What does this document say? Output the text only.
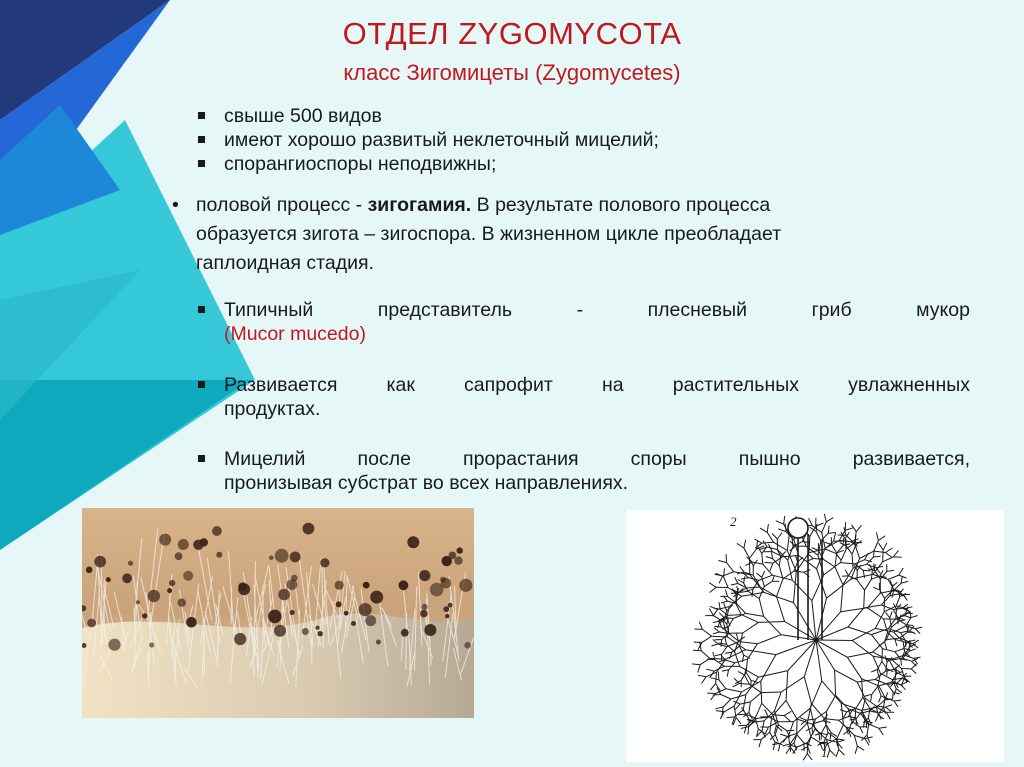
ОТДЕЛ ZYGOMYCOTA
класс Зигомицеты (Zygomycetes)
свыше 500 видов
имеют хорошо развитый неклеточный мицелий;
спорангиоспоры неподвижны;
• половой процесс - зигогамия. В результате полового процесса
образуется зигота – зигоспора. В жизненном цикле преобладает
гаплоидная стадия.
Типичный представитель - плесневый гриб мукор
(Mucor mucedo)
Развивается как сапрофит на растительных увлажненных
продуктах.
Мицелий после прорастания споры пышно развивается,
пронизывая субстрат во всех направлениях.
2
1
